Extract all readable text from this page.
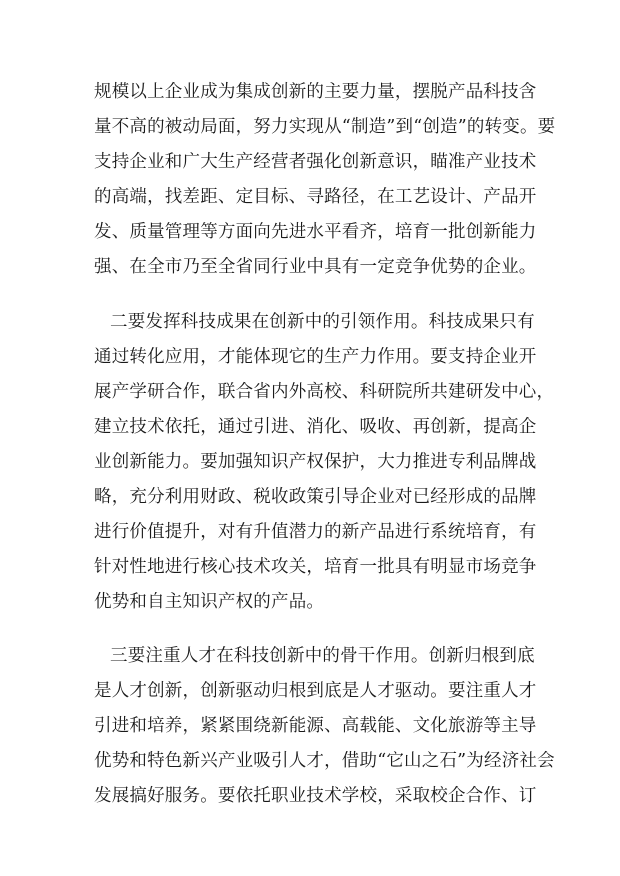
规模以上企业成为集成创新的主要力量，摆脱产品科技含
量不高的被动局面，努力实现从“制造”到“创造”的转变。要
支持企业和广大生产经营者强化创新意识，瞄准产业技术
的高端，找差距、定目标、寻路径，在工艺设计、产品开
发、质量管理等方面向先进水平看齐，培育一批创新能力
强、在全市乃至全省同行业中具有一定竞争优势的企业。
二要发挥科技成果在创新中的引领作用。科技成果只有
通过转化应用，才能体现它的生产力作用。要支持企业开
展产学研合作，联合省内外高校、科研院所共建研发中心，
建立技术依托，通过引进、消化、吸收、再创新，提高企
业创新能力。要加强知识产权保护，大力推进专利品牌战
略，充分利用财政、税收政策引导企业对已经形成的品牌
进行价值提升，对有升值潜力的新产品进行系统培育，有
针对性地进行核心技术攻关，培育一批具有明显市场竞争
优势和自主知识产权的产品。
三要注重人才在科技创新中的骨干作用。创新归根到底
是人才创新，创新驱动归根到底是人才驱动。要注重人才
引进和培养，紧紧围绕新能源、高载能、文化旅游等主导
优势和特色新兴产业吸引人才，借助“它山之石”为经济社会
发展搞好服务。要依托职业技术学校，采取校企合作、订
